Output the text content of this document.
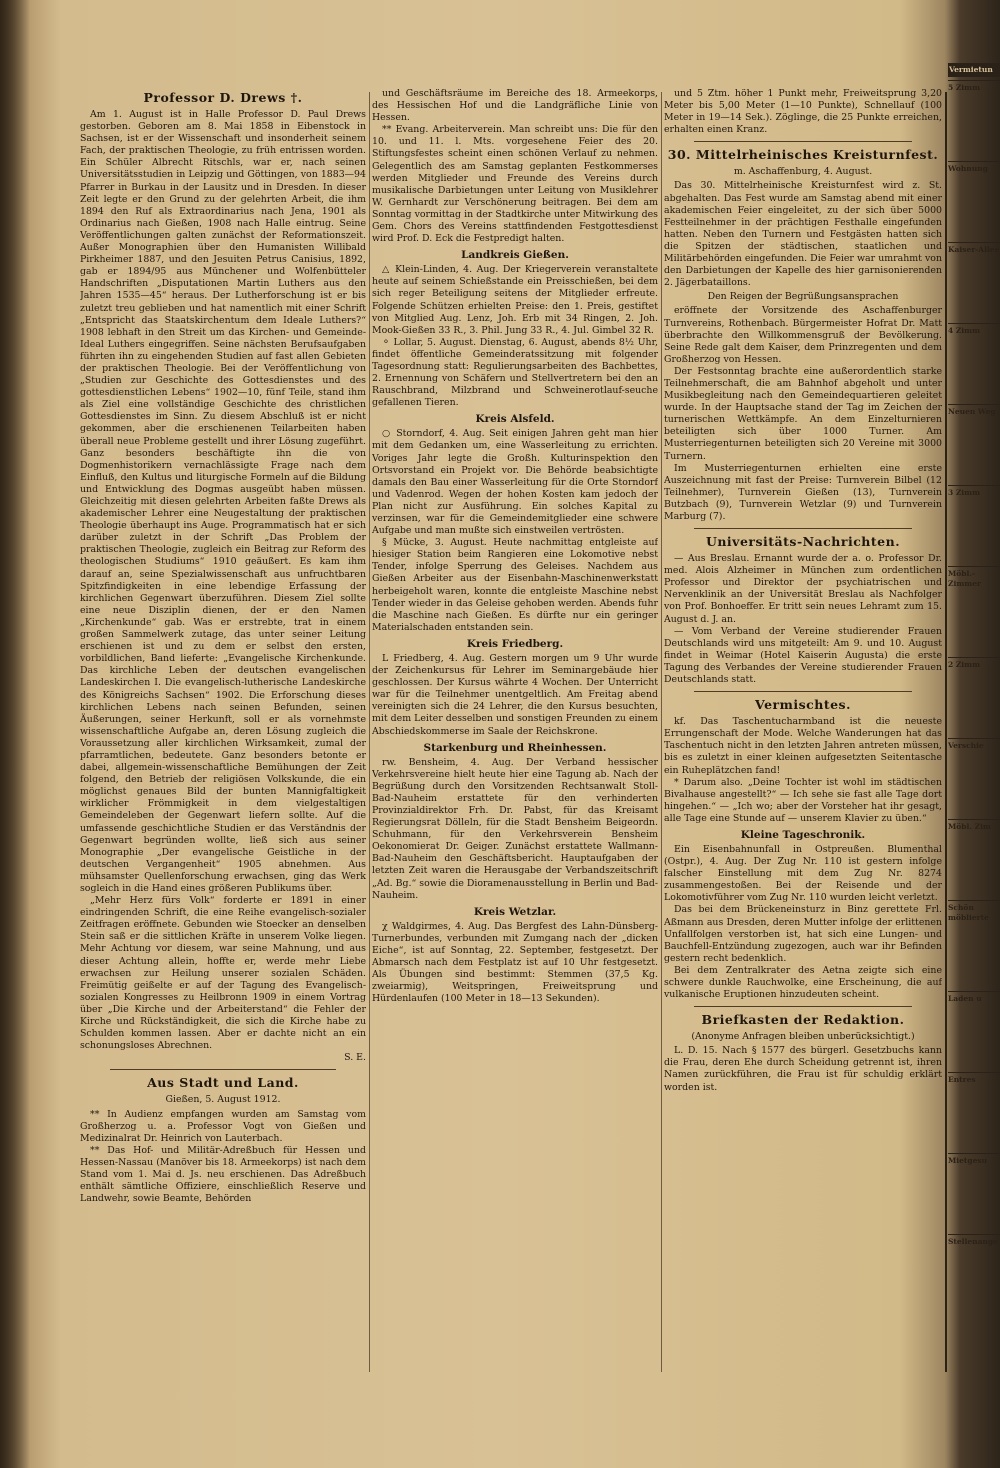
Professor D. Drews †.

Am 1. August ist in Halle Professor D. Paul Drews gestorben. Geboren am 8. Mai 1858 in Eibenstock in Sachsen, ist er der Wissenschaft und insonderheit seinem Fach, der praktischen Theologie, zu früh entrissen worden. Ein Schüler Albrecht Ritschls, war er, nach seinen Universitätsstudien in Leipzig und Göttingen, von 1883—94 Pfarrer in Burkau in der Lausitz und in Dresden. In dieser Zeit legte er den Grund zu der gelehrten Arbeit, die ihm 1894 den Ruf als Extraordinarius nach Jena, 1901 als Ordinarius nach Gießen, 1908 nach Halle eintrug. Seine Veröffentlichungen galten zunächst der Reformationszeit. Außer Monographien über den Humanisten Willibald Pirkheimer 1887, und den Jesuiten Petrus Canisius, 1892, gab er 1894/95 aus Münchener und Wolfenbütteler Handschriften „Disputationen Martin Luthers aus den Jahren 1535—45“ heraus. Der Lutherforschung ist er bis zuletzt treu geblieben und hat namentlich mit einer Schrift „Entspricht das Staatskirchentum dem Ideale Luthers?“ 1908 lebhaft in den Streit um das Kirchen- und Gemeinde-Ideal Luthers eingegriffen. Seine nächsten Berufsaufgaben führten ihn zu eingehenden Studien auf fast allen Gebieten der praktischen Theologie. Bei der Veröffentlichung von „Studien zur Geschichte des Gottesdienstes und des gottesdienstlichen Lebens“ 1902—10, fünf Teile, stand ihm als Ziel eine vollständige Geschichte des christlichen Gottesdienstes im Sinn. Zu diesem Abschluß ist er nicht gekommen, aber die erschienenen Teilarbeiten haben überall neue Probleme gestellt und ihrer Lösung zugeführt. Ganz besonders beschäftigte ihn die von Dogmenhistorikern vernachlässigte Frage nach dem Einfluß, den Kultus und liturgische Formeln auf die Bildung und Entwicklung des Dogmas ausgeübt haben müssen. Gleichzeitig mit diesen gelehrten Arbeiten faßte Drews als akademischer Lehrer eine Neugestaltung der praktischen Theologie überhaupt ins Auge. Programmatisch hat er sich darüber zuletzt in der Schrift „Das Problem der praktischen Theologie, zugleich ein Beitrag zur Reform des theologischen Studiums“ 1910 geäußert. Es kam ihm darauf an, seine Spezialwissenschaft aus unfruchtbaren Spitzfindigkeiten in eine lebendige Erfassung der kirchlichen Gegenwart überzuführen. Diesem Ziel sollte eine neue Disziplin dienen, der er den Namen „Kirchenkunde“ gab. Was er erstrebte, trat in einem großen Sammelwerk zutage, das unter seiner Leitung erschienen ist und zu dem er selbst den ersten, vorbildlichen, Band lieferte: „Evangelische Kirchenkunde. Das kirchliche Leben der deutschen evangelischen Landeskirchen I. Die evangelisch-lutherische Landeskirche des Königreichs Sachsen“ 1902. Die Erforschung dieses kirchlichen Lebens nach seinen Befunden, seinen Äußerungen, seiner Herkunft, soll er als vornehmste wissenschaftliche Aufgabe an, deren Lösung zugleich die Voraussetzung aller kirchlichen Wirksamkeit, zumal der pfarramtlichen, bedeutete. Ganz besonders betonte er dabei, allgemein-wissenschaftliche Bemühungen der Zeit folgend, den Betrieb der religiösen Volkskunde, die ein möglichst genaues Bild der bunten Mannigfaltigkeit wirklicher Frömmigkeit in dem vielgestaltigen Gemeindeleben der Gegenwart liefern sollte. Auf die umfassende geschichtliche Studien er das Verständnis der Gegenwart begründen wollte, ließ sich aus seiner Monographie „Der evangelische Geistliche in der deutschen Vergangenheit“ 1905 abnehmen. Aus mühsamster Quellenforschung erwachsen, ging das Werk sogleich in die Hand eines größeren Publikums über.

„Mehr Herz fürs Volk“ forderte er 1891 in einer eindringenden Schrift, die eine Reihe evangelisch-sozialer Zeitfragen eröffnete. Gebunden wie Stoecker an denselben Stein saß er die sittlichen Kräfte in unserem Volke liegen. Mehr Achtung vor diesem, war seine Mahnung, und aus dieser Achtung allein, hoffte er, werde mehr Liebe erwachsen zur Heilung unserer sozialen Schäden. Freimütig geißelte er auf der Tagung des Evangelisch-sozialen Kongresses zu Heilbronn 1909 in einem Vortrag über „Die Kirche und der Arbeiterstand“ die Fehler der Kirche und Rückständigkeit, die sich die Kirche habe zu Schulden kommen lassen. Aber er dachte nicht an ein schonungsloses Abrechnen.

S. E.
Aus Stadt und Land.
Gießen, 5. August 1912.

** In Audienz empfangen wurden am Samstag vom Großherzog u. a. Professor Vogt von Gießen und Medizinalrat Dr. Heinrich von Lauterbach.

** Das Hof- und Militär-Adreßbuch für Hessen und Hessen-Nassau (Manöver bis 18. Armeekorps) ist nach dem Stand vom 1. Mai d. Js. neu erschienen. Das Adreßbuch enthält sämtliche Offiziere, einschließlich Reserve und Landwehr, sowie Beamte, Behörden

und Geschäftsräume im Bereiche des 18. Armeekorps, des Hessischen Hof und die Landgräfliche Linie von Hessen.

** Evang. Arbeiterverein. Man schreibt uns: Die für den 10. und 11. l. Mts. vorgesehene Feier des 20. Stiftungsfestes scheint einen schönen Verlauf zu nehmen. Gelegentlich des am Samstag geplanten Festkommerses werden Mitglieder und Freunde des Vereins durch musikalische Darbietungen unter Leitung von Musiklehrer W. Gernhardt zur Verschönerung beitragen. Bei dem am Sonntag vormittag in der Stadtkirche unter Mitwirkung des Gem. Chors des Vereins stattfindenden Festgottesdienst wird Prof. D. Eck die Festpredigt halten.

Landkreis Gießen.

△ Klein-Linden, 4. Aug. Der Kriegerverein veranstaltete heute auf seinem Schießstande ein Preisschießen, bei dem sich reger Beteiligung seitens der Mitglieder erfreute. Folgende Schützen erhielten Preise: den 1. Preis, gestiftet von Mitglied Aug. Lenz, Joh. Erb mit 34 Ringen, 2. Joh. Mook-Gießen 33 R., 3. Phil. Jung 33 R., 4. Jul. Gimbel 32 R.

⚬ Lollar, 5. August. Dienstag, 6. August, abends 8½ Uhr, findet öffentliche Gemeinderatssitzung mit folgender Tagesordnung statt: Regulierungsarbeiten des Bachbettes, 2. Ernennung von Schäfern und Stellvertretern bei den an Rauschbrand, Milzbrand und Schweinerotlauf-seuche gefallenen Tieren.

Kreis Alsfeld.

○ Storndorf, 4. Aug. Seit einigen Jahren geht man hier mit dem Gedanken um, eine Wasserleitung zu errichten. Voriges Jahr legte die Großh. Kulturinspektion den Ortsvorstand ein Projekt vor. Die Behörde beabsichtigte damals den Bau einer Wasserleitung für die Orte Storndorf und Vadenrod. Wegen der hohen Kosten kam jedoch der Plan nicht zur Ausführung. Ein solches Kapital zu verzinsen, war für die Gemeindemitglieder eine schwere Aufgabe und man mußte sich einstweilen vertrösten.

§ Mücke, 3. August. Heute nachmittag entgleiste auf hiesiger Station beim Rangieren eine Lokomotive nebst Tender, infolge Sperrung des Geleises. Nachdem aus Gießen Arbeiter aus der Eisenbahn-Maschinenwerkstatt herbeigeholt waren, konnte die entgleiste Maschine nebst Tender wieder in das Geleise gehoben werden. Abends fuhr die Maschine nach Gießen. Es dürfte nur ein geringer Materialschaden entstanden sein.

Kreis Friedberg.

L Friedberg, 4. Aug. Gestern morgen um 9 Uhr wurde der Zeichenkursus für Lehrer im Seminargebäude hier geschlossen. Der Kursus währte 4 Wochen. Der Unterricht war für die Teilnehmer unentgeltlich. Am Freitag abend vereinigten sich die 24 Lehrer, die den Kursus besuchten, mit dem Leiter desselben und sonstigen Freunden zu einem Abschiedskommerse im Saale der Reichskrone.

Starkenburg und Rheinhessen.

rw. Bensheim, 4. Aug. Der Verband hessischer Verkehrsvereine hielt heute hier eine Tagung ab. Nach der Begrüßung durch den Vorsitzenden Rechtsanwalt Stoll-Bad-Nauheim erstattete für den verhinderten Provinzialdirektor Frh. Dr. Pabst, für das Kreisamt Regierungsrat Dölleln, für die Stadt Bensheim Beigeordn. Schuhmann, für den Verkehrsverein Bensheim Oekonomierat Dr. Geiger. Zunächst erstattete Wallmann-Bad-Nauheim den Geschäftsbericht. Hauptaufgaben der letzten Zeit waren die Herausgabe der Verbandszeitschrift „Ad. Bg.“ sowie die Dioramenausstellung in Berlin und Bad-Nauheim.

Kreis Wetzlar.

χ Waldgirmes, 4. Aug. Das Bergfest des Lahn-Dünsberg-Turnerbundes, verbunden mit Zumgang nach der „dicken Eiche“, ist auf Sonntag, 22. September, festgesetzt. Der Abmarsch nach dem Festplatz ist auf 10 Uhr festgesetzt. Als Übungen sind bestimmt: Stemmen (37,5 Kg. zweiarmig), Weitspringen, Freiweitsprung und Hürdenlaufen (100 Meter in 18—13 Sekunden).

und 5 Ztm. höher 1 Punkt mehr, Freiweitsprung 3,20 Meter bis 5,00 Meter (1—10 Punkte), Schnellauf (100 Meter in 19—14 Sek.). Zöglinge, die 25 Punkte erreichen, erhalten einen Kranz.

30. Mittelrheinisches Kreisturnfest.
m. Aschaffenburg, 4. August.

Das 30. Mittelrheinische Kreisturnfest wird z. St. abgehalten. Das Fest wurde am Samstag abend mit einer akademischen Feier eingeleitet, zu der sich über 5000 Festteilnehmer in der prächtigen Festhalle eingefunden hatten. Neben den Turnern und Festgästen hatten sich die Spitzen der städtischen, staatlichen und Militärbehörden eingefunden. Die Feier war umrahmt von den Darbietungen der Kapelle des hier garnisonierenden 2. Jägerbataillons.

Den Reigen der Begrüßungsansprachen

eröffnete der Vorsitzende des Aschaffenburger Turnvereins, Rothenbach. Bürgermeister Hofrat Dr. Matt überbrachte den Willkommensgruß der Bevölkerung. Seine Rede galt dem Kaiser, dem Prinzregenten und dem Großherzog von Hessen.

Der Festsonntag brachte eine außerordentlich starke Teilnehmerschaft, die am Bahnhof abgeholt und unter Musikbegleitung nach den Gemeindequartieren geleitet wurde. In der Hauptsache stand der Tag im Zeichen der turnerischen Wettkämpfe. An dem Einzelturnieren beteiligten sich über 1000 Turner. Am Musterriegenturnen beteiligten sich 20 Vereine mit 3000 Turnern.

Im Musterriegenturnen erhielten eine erste Auszeichnung mit fast der Preise: Turnverein Bilbel (12 Teilnehmer), Turnverein Gießen (13), Turnverein Butzbach (9), Turnverein Wetzlar (9) und Turnverein Marburg (7).

Universitäts-Nachrichten.

— Aus Breslau. Ernannt wurde der a. o. Professor Dr. med. Alois Alzheimer in München zum ordentlichen Professor und Direktor der psychiatrischen und Nervenklinik an der Universität Breslau als Nachfolger von Prof. Bonhoeffer. Er tritt sein neues Lehramt zum 15. August d. J. an.

— Vom Verband der Vereine studierender Frauen Deutschlands wird uns mitgeteilt: Am 9. und 10. August findet in Weimar (Hotel Kaiserin Augusta) die erste Tagung des Verbandes der Vereine studierender Frauen Deutschlands statt.

Vermischtes.

kf. Das Taschentucharmband ist die neueste Errungenschaft der Mode. Welche Wanderungen hat das Taschentuch nicht in den letzten Jahren antreten müssen, bis es zuletzt in einer kleinen aufgesetzten Seitentasche ein Ruheplätzchen fand!

* Darum also. „Deine Tochter ist wohl im städtischen Bivalhause angestellt?“ — Ich sehe sie fast alle Tage dort hingehen.“ — „Ich wo; aber der Vorsteher hat ihr gesagt, alle Tage eine Stunde auf — unserem Klavier zu üben.“

Kleine Tageschronik.

Ein Eisenbahnunfall in Ostpreußen. Blumenthal (Ostpr.), 4. Aug. Der Zug Nr. 110 ist gestern infolge falscher Einstellung mit dem Zug Nr. 8274 zusammengestoßen. Bei der Reisende und der Lokomotivführer vom Zug Nr. 110 wurden leicht verletzt.

Das bei dem Brückeneinsturz in Binz gerettete Frl. Aßmann aus Dresden, deren Mutter infolge der erlittenen Unfallfolgen verstorben ist, hat sich eine Lungen- und Bauchfell-Entzündung zugezogen, auch war ihr Befinden gestern recht bedenklich.

Bei dem Zentralkrater des Aetna zeigte sich eine schwere dunkle Rauchwolke, eine Erscheinung, die auf vulkanische Eruptionen hinzudeuten scheint.

Briefkasten der Redaktion.
(Anonyme Anfragen bleiben unberücksichtigt.)

L. D. 15. Nach § 1577 des bürgerl. Gesetzbuchs kann die Frau, deren Ehe durch Scheidung getrennt ist, ihren Namen zurückführen, die Frau ist für schuldig erklärt worden ist.

Vermietun
5 Zimm
Wohnung
Kaiser-Allee
4 Zimm
Neuen Weg
3 Zimm
Möbl.-Zimmer
2 Zimm
Verschie
Möbl. Zim
Schön möblierte
Laden u
Entres
Mietgesu
Stellenange
